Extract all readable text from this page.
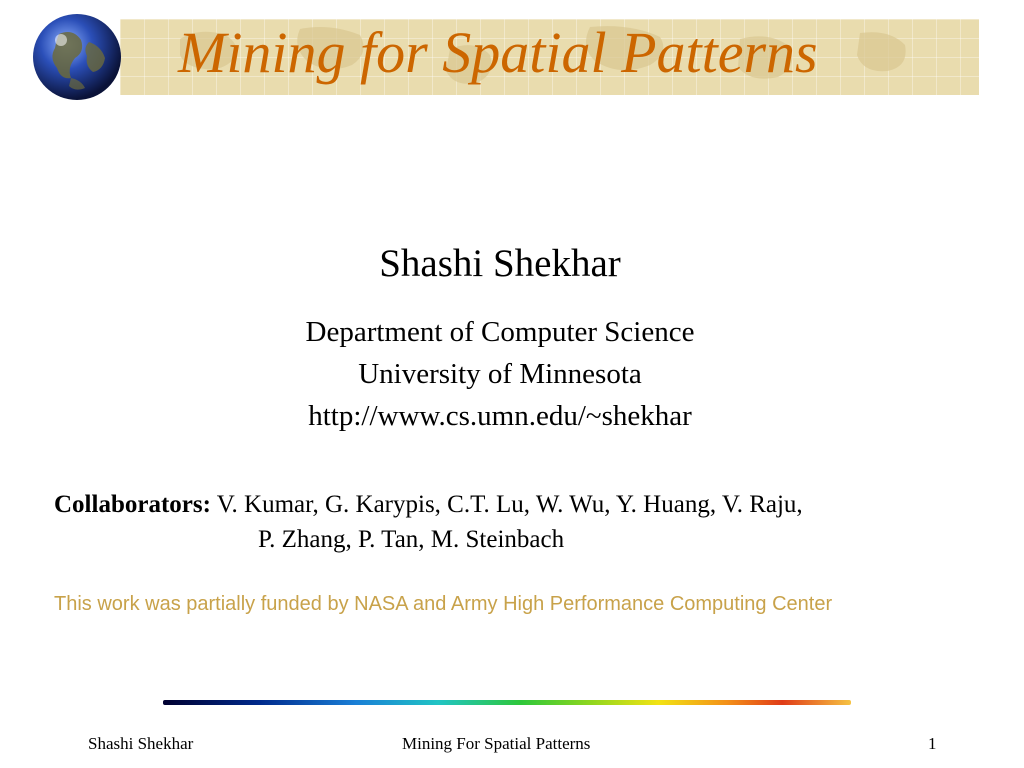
Mining for Spatial Patterns
Shashi Shekhar
Department of Computer Science
University of Minnesota
http://www.cs.umn.edu/~shekhar
Collaborators: V. Kumar, G. Karypis, C.T. Lu, W. Wu, Y. Huang, V. Raju,
P. Zhang, P. Tan, M. Steinbach
This work was partially funded by NASA and Army High Performance Computing Center
Shashi Shekhar	Mining For Spatial Patterns	1
